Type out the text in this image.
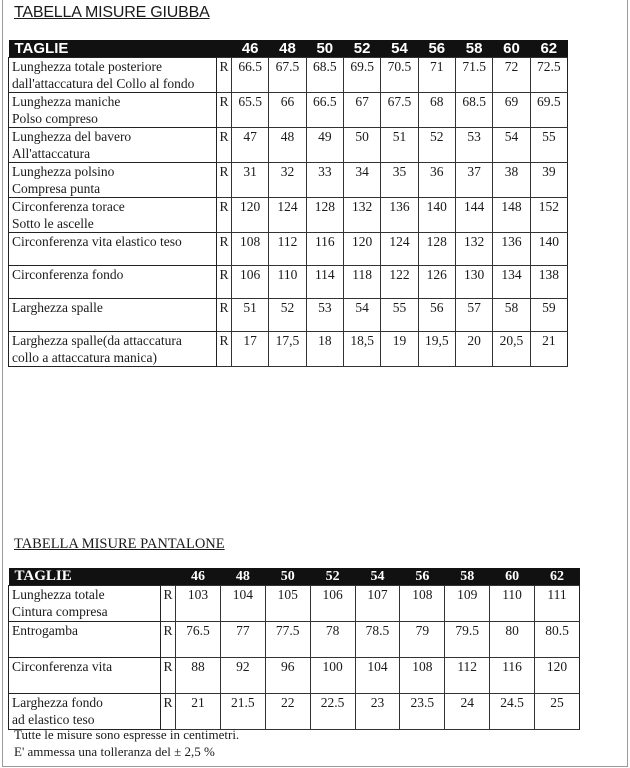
TABELLA MISURE GIUBBA
TAGLIE		46	48	50	52	54	56	58	60	62

Lunghezza totale posteriore
dall'attaccatura del Collo al fondo	R	66.5	67.5	68.5	69.5	70.5	71	71.5	72	72.5

Lunghezza maniche
Polso compreso	R	65.5	66	66.5	67	67.5	68	68.5	69	69.5

Lunghezza del bavero
All'attaccatura	R	47	48	49	50	51	52	53	54	55

Lunghezza polsino
Compresa punta	R	31	32	33	34	35	36	37	38	39

Circonferenza torace
Sotto le ascelle	R	120	124	128	132	136	140	144	148	152

Circonferenza vita elastico teso	R	108	112	116	120	124	128	132	136	140

Circonferenza fondo	R	106	110	114	118	122	126	130	134	138

Larghezza spalle	R	51	52	53	54	55	56	57	58	59

Larghezza spalle(da attaccatura
collo a attaccatura manica)	R	17	17,5	18	18,5	19	19,5	20	20,5	21
TABELLA MISURE PANTALONE
TAGLIE		46	48	50	52	54	56	58	60	62

Lunghezza totale
Cintura compresa	R	103	104	105	106	107	108	109	110	111

Entrogamba	R	76.5	77	77.5	78	78.5	79	79.5	80	80.5

Circonferenza vita	R	88	92	96	100	104	108	112	116	120

Larghezza fondo
ad elastico teso	R	21	21.5	22	22.5	23	23.5	24	24.5	25
Tutte le misure sono espresse in centimetri.
E' ammessa una tolleranza del ± 2,5 %
